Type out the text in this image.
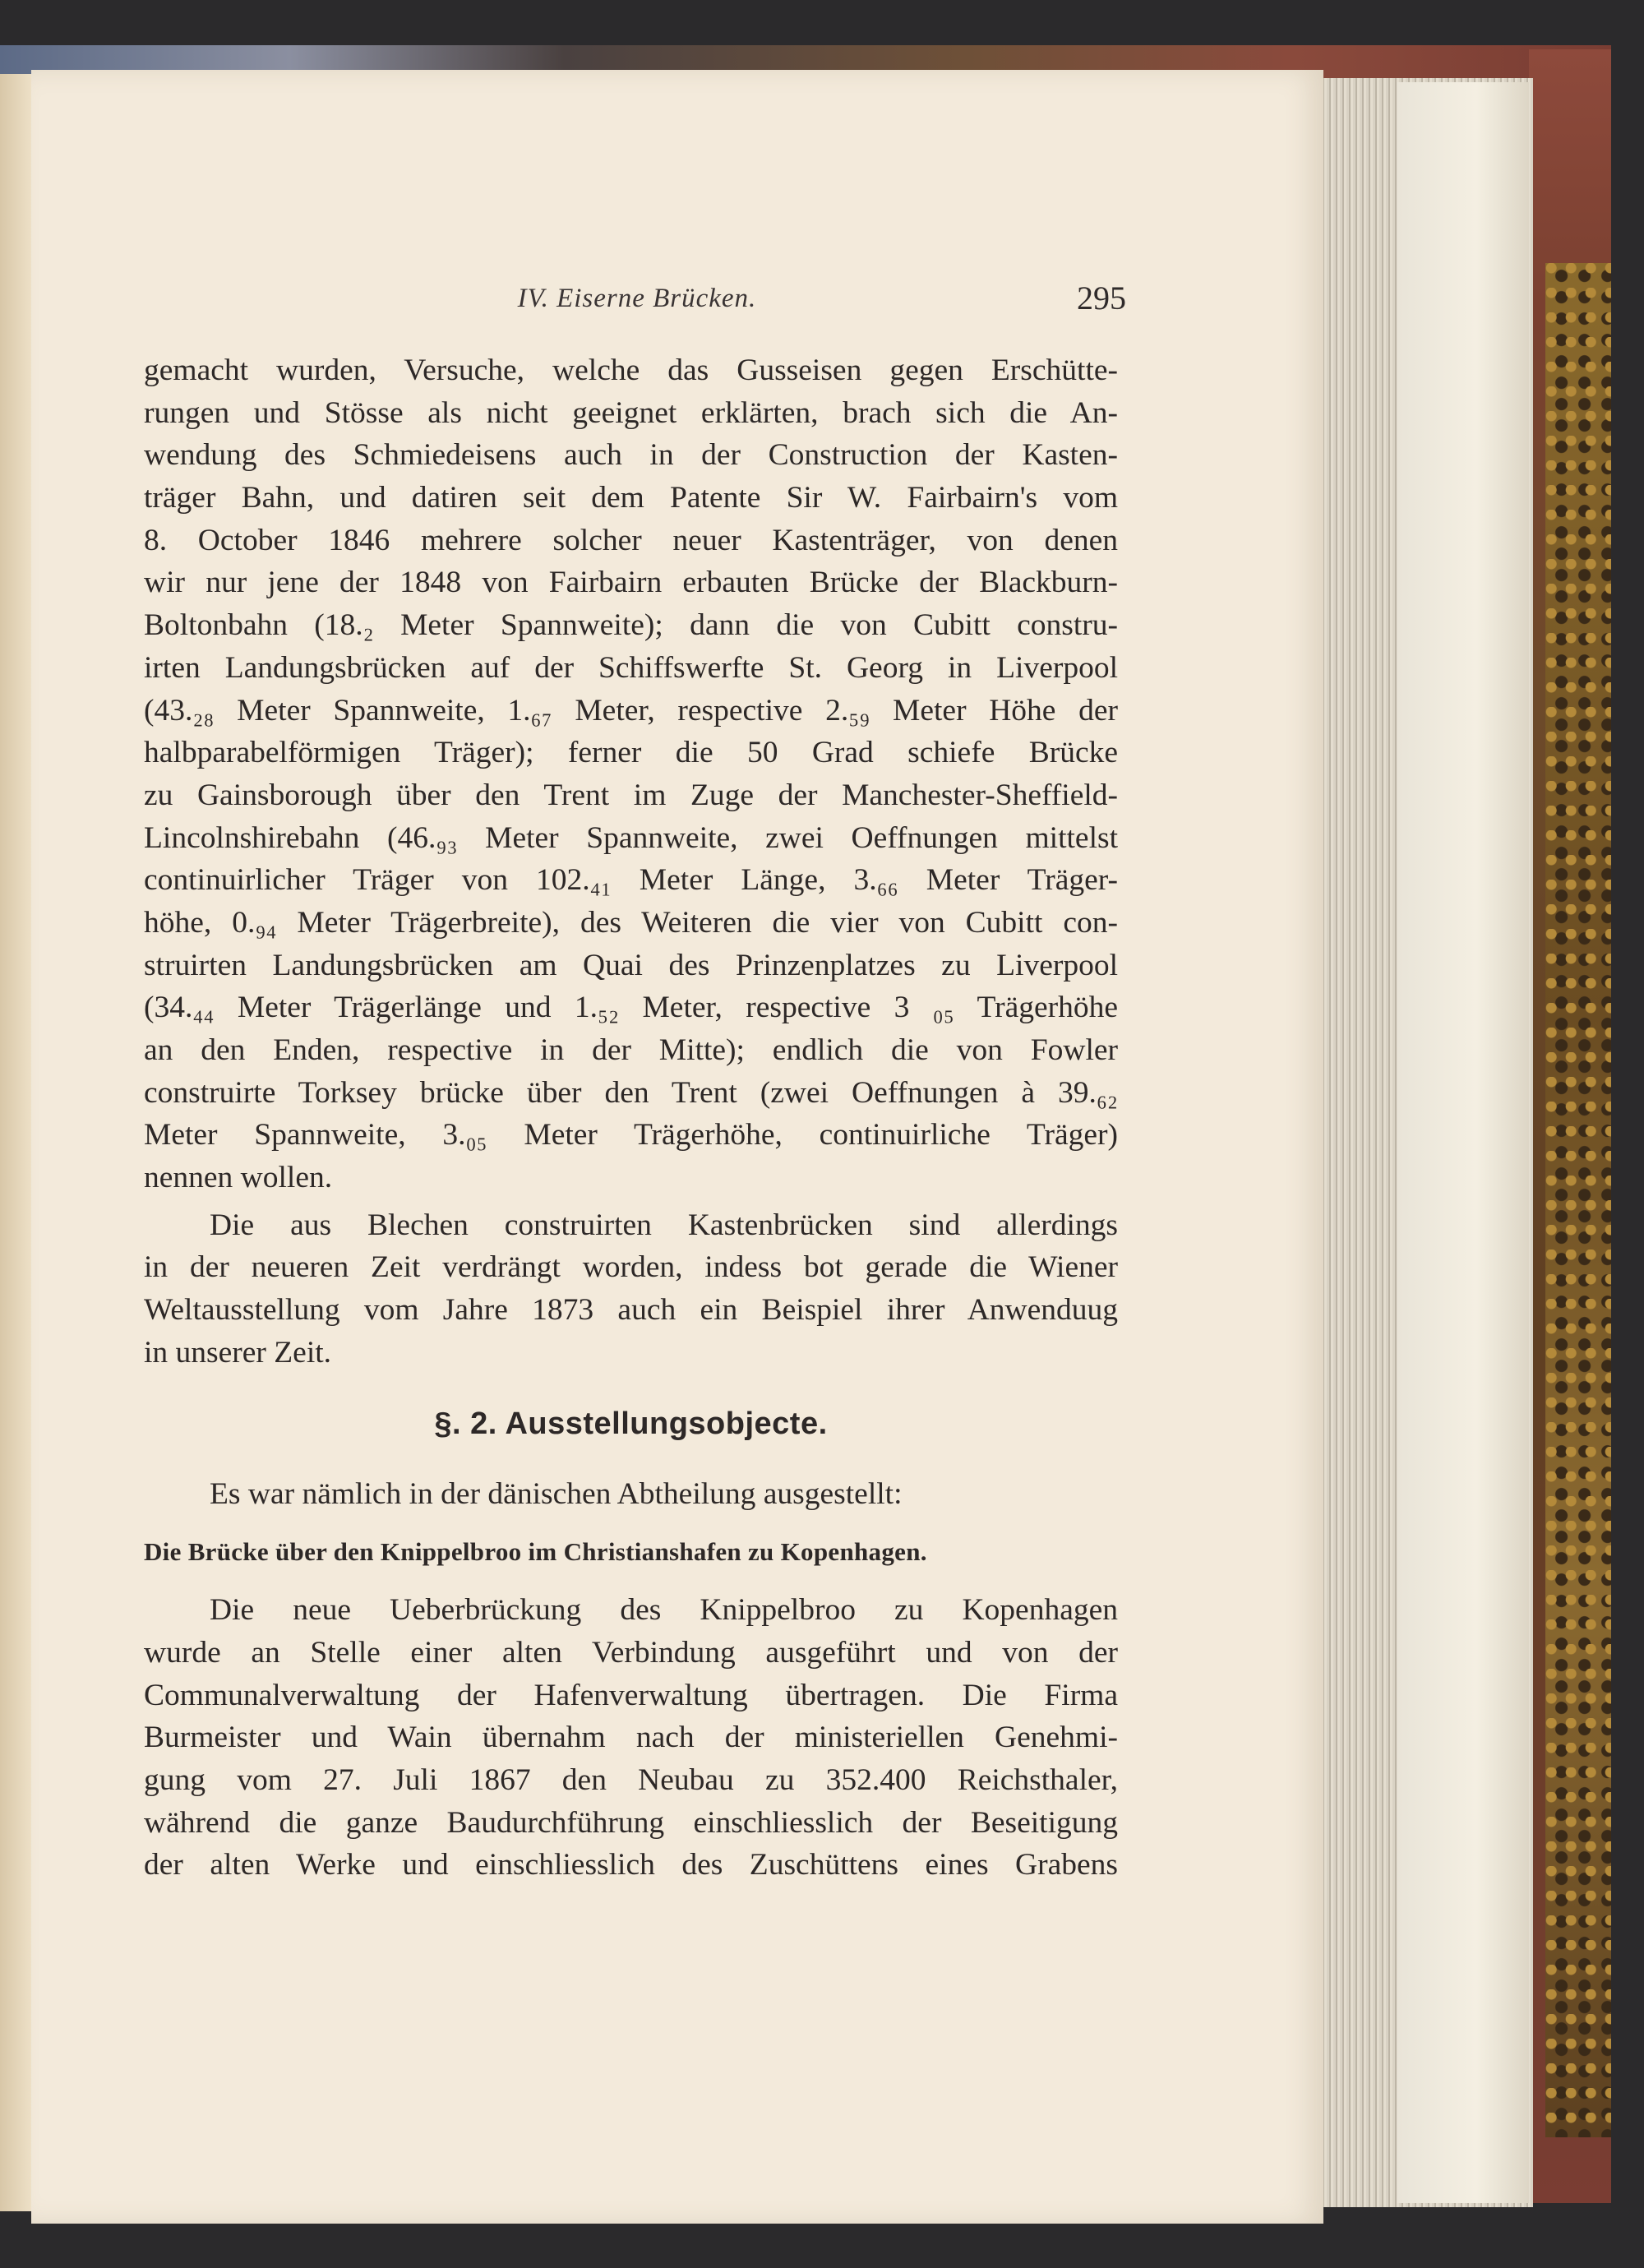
IV. Eiserne Brücken.	295
gemacht wurden, Versuche, welche das Gusseisen gegen Erschütte-
rungen und Stösse als nicht geeignet erklärten, brach sich die An-
wendung des Schmiedeisens auch in der Construction der Kasten-
träger Bahn, und datiren seit dem Patente Sir W. Fairbairn's vom
8. October 1846 mehrere solcher neuer Kastenträger, von denen
wir nur jene der 1848 von Fairbairn erbauten Brücke der Blackburn-
Boltonbahn (18.₂ Meter Spannweite); dann die von Cubitt constru-
irten Landungsbrücken auf der Schiffswerfte St. Georg in Liverpool
(43.₂₈ Meter Spannweite, 1.₆₇ Meter, respective 2.₅₉ Meter Höhe der
halbparabelförmigen Träger); ferner die 50 Grad schiefe Brücke
zu Gainsborough über den Trent im Zuge der Manchester-Sheffield-
Lincolnshirebahn (46.₉₃ Meter Spannweite, zwei Oeffnungen mittelst
continuirlicher Träger von 102.₄₁ Meter Länge, 3.₆₆ Meter Träger-
höhe, 0.₉₄ Meter Trägerbreite), des Weiteren die vier von Cubitt con-
struirten Landungsbrücken am Quai des Prinzenplatzes zu Liverpool
(34.₄₄ Meter Trägerlänge und 1.₅₂ Meter, respective 3 ₀₅ Trägerhöhe
an den Enden, respective in der Mitte); endlich die von Fowler
construirte Torksey brücke über den Trent (zwei Oeffnungen à 39.₆₂
Meter Spannweite, 3.₀₅ Meter Trägerhöhe, continuirliche Träger)
nennen wollen.
Die aus Blechen construirten Kastenbrücken sind allerdings
in der neueren Zeit verdrängt worden, indess bot gerade die Wiener
Weltausstellung vom Jahre 1873 auch ein Beispiel ihrer Anwenduug
in unserer Zeit.
§. 2. Ausstellungsobjecte.
Es war nämlich in der dänischen Abtheilung ausgestellt:
Die Brücke über den Knippelbroo im Christianshafen zu Kopenhagen.
Die neue Ueberbrückung des Knippelbroo zu Kopenhagen
wurde an Stelle einer alten Verbindung ausgeführt und von der
Communalverwaltung der Hafenverwaltung übertragen. Die Firma
Burmeister und Wain übernahm nach der ministeriellen Genehmi-
gung vom 27. Juli 1867 den Neubau zu 352.400 Reichsthaler,
während die ganze Baudurchführung einschliesslich der Beseitigung
der alten Werke und einschliesslich des Zuschüttens eines Grabens
